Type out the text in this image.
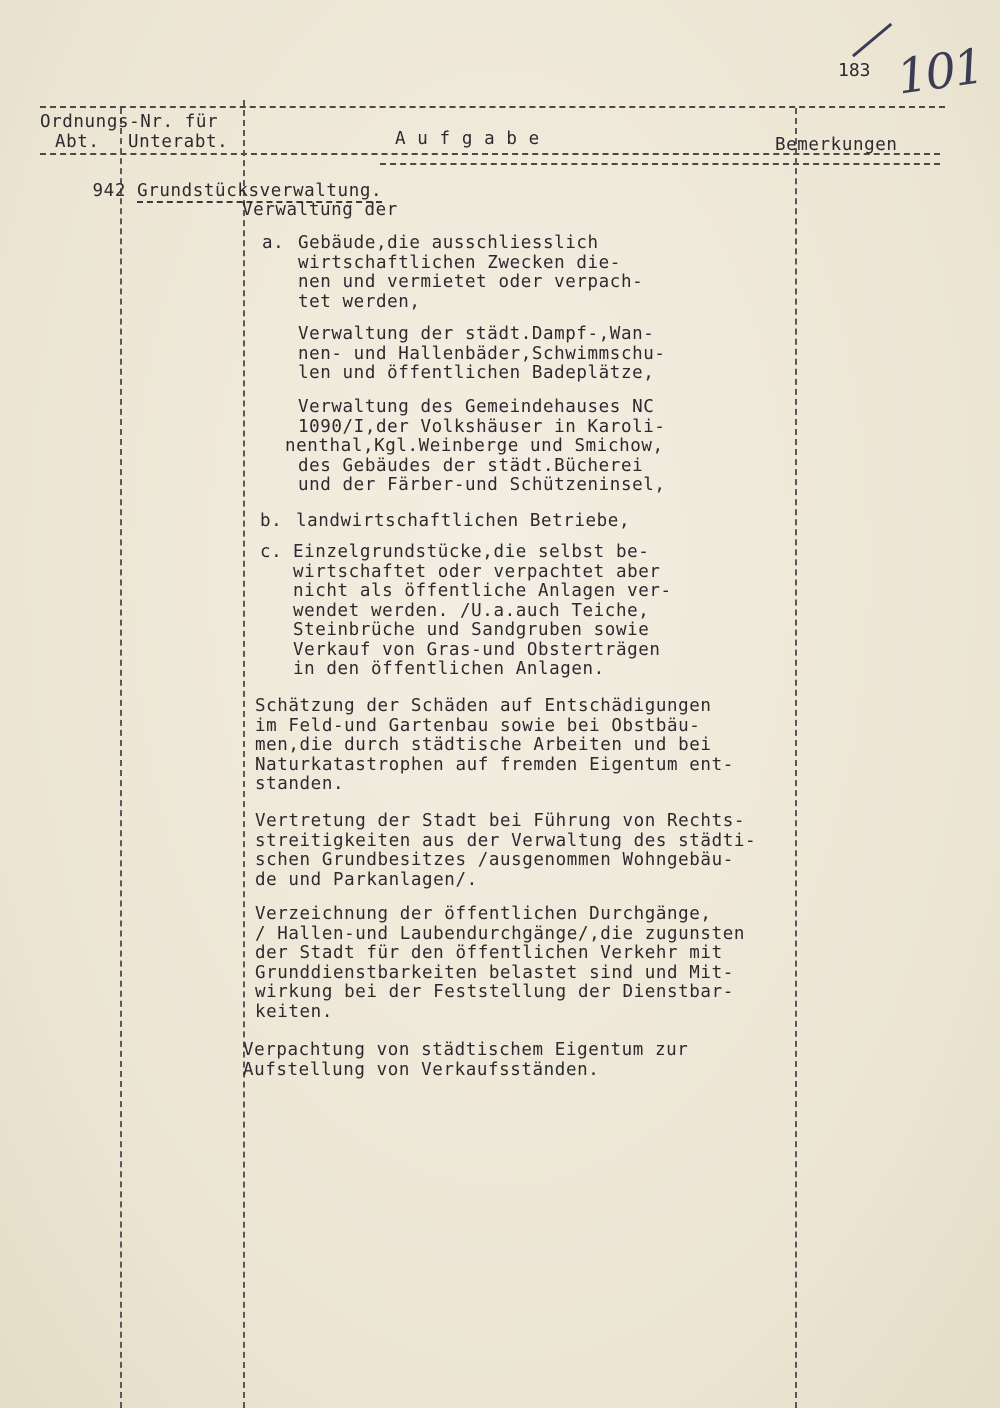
183 101
Ordnungs-Nr. für
Abt. Unterabt.	A u f g a b e	Bemerkungen

942 Grundstücksverwaltung.

Verwaltung der
a. Gebäude,die ausschliesslich
wirtschaftlichen Zwecken die-
nen und vermietet oder verpach-
tet werden,
Verwaltung der städt.Dampf-,Wan-
nen- und Hallenbäder,Schwimmschu-
len und öffentlichen Badeplätze,
Verwaltung des Gemeindehauses NC
1090/I,der Volkshäuser in Karoli-
nenthal,Kgl.Weinberge und Smichow,
des Gebäudes der städt.Bücherei
und der Färber-und Schützeninsel,
b. landwirtschaftlichen Betriebe,
c. Einzelgrundstücke,die selbst be-
wirtschaftet oder verpachtet aber
nicht als öffentliche Anlagen ver-
wendet werden. /U.a.auch Teiche,
Steinbrüche und Sandgruben sowie
Verkauf von Gras-und Obsterträgen
in den öffentlichen Anlagen.
Schätzung der Schäden auf Entschädigungen
im Feld-und Gartenbau sowie bei Obstbäu-
men,die durch städtische Arbeiten und bei
Naturkatastrophen auf fremden Eigentum ent-
standen.
Vertretung der Stadt bei Führung von Rechts-
streitigkeiten aus der Verwaltung des städti-
schen Grundbesitzes /ausgenommen Wohngebäu-
de und Parkanlagen/.
Verzeichnung der öffentlichen Durchgänge,
/ Hallen-und Laubendurchgänge/,die zugunsten
der Stadt für den öffentlichen Verkehr mit
Grunddienstbarkeiten belastet sind und Mit-
wirkung bei der Feststellung der Dienstbar-
keiten.
Verpachtung von städtischem Eigentum zur
Aufstellung von Verkaufsständen.
